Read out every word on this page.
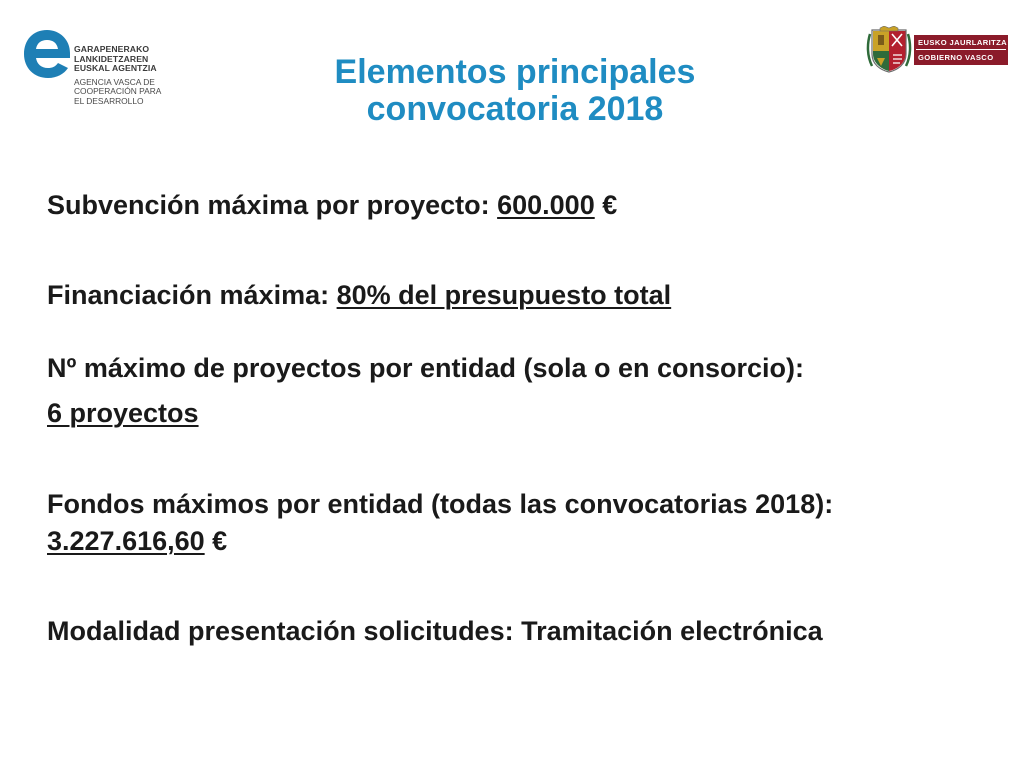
GARAPENERAKO
LANKIDETZAREN
EUSKAL AGENTZIA
AGENCIA VASCA DE
COOPERACIÓN PARA
EL DESARROLLO
EUSKO JAURLARITZA
GOBIERNO VASCO
Elementos principales
convocatoria 2018
Subvención máxima por proyecto: 600.000 €
Financiación máxima: 80% del presupuesto total
Nº máximo de proyectos por entidad (sola o en consorcio):
6 proyectos
Fondos máximos por entidad (todas las convocatorias 2018):
3.227.616,60 €
Modalidad presentación solicitudes: Tramitación electrónica
